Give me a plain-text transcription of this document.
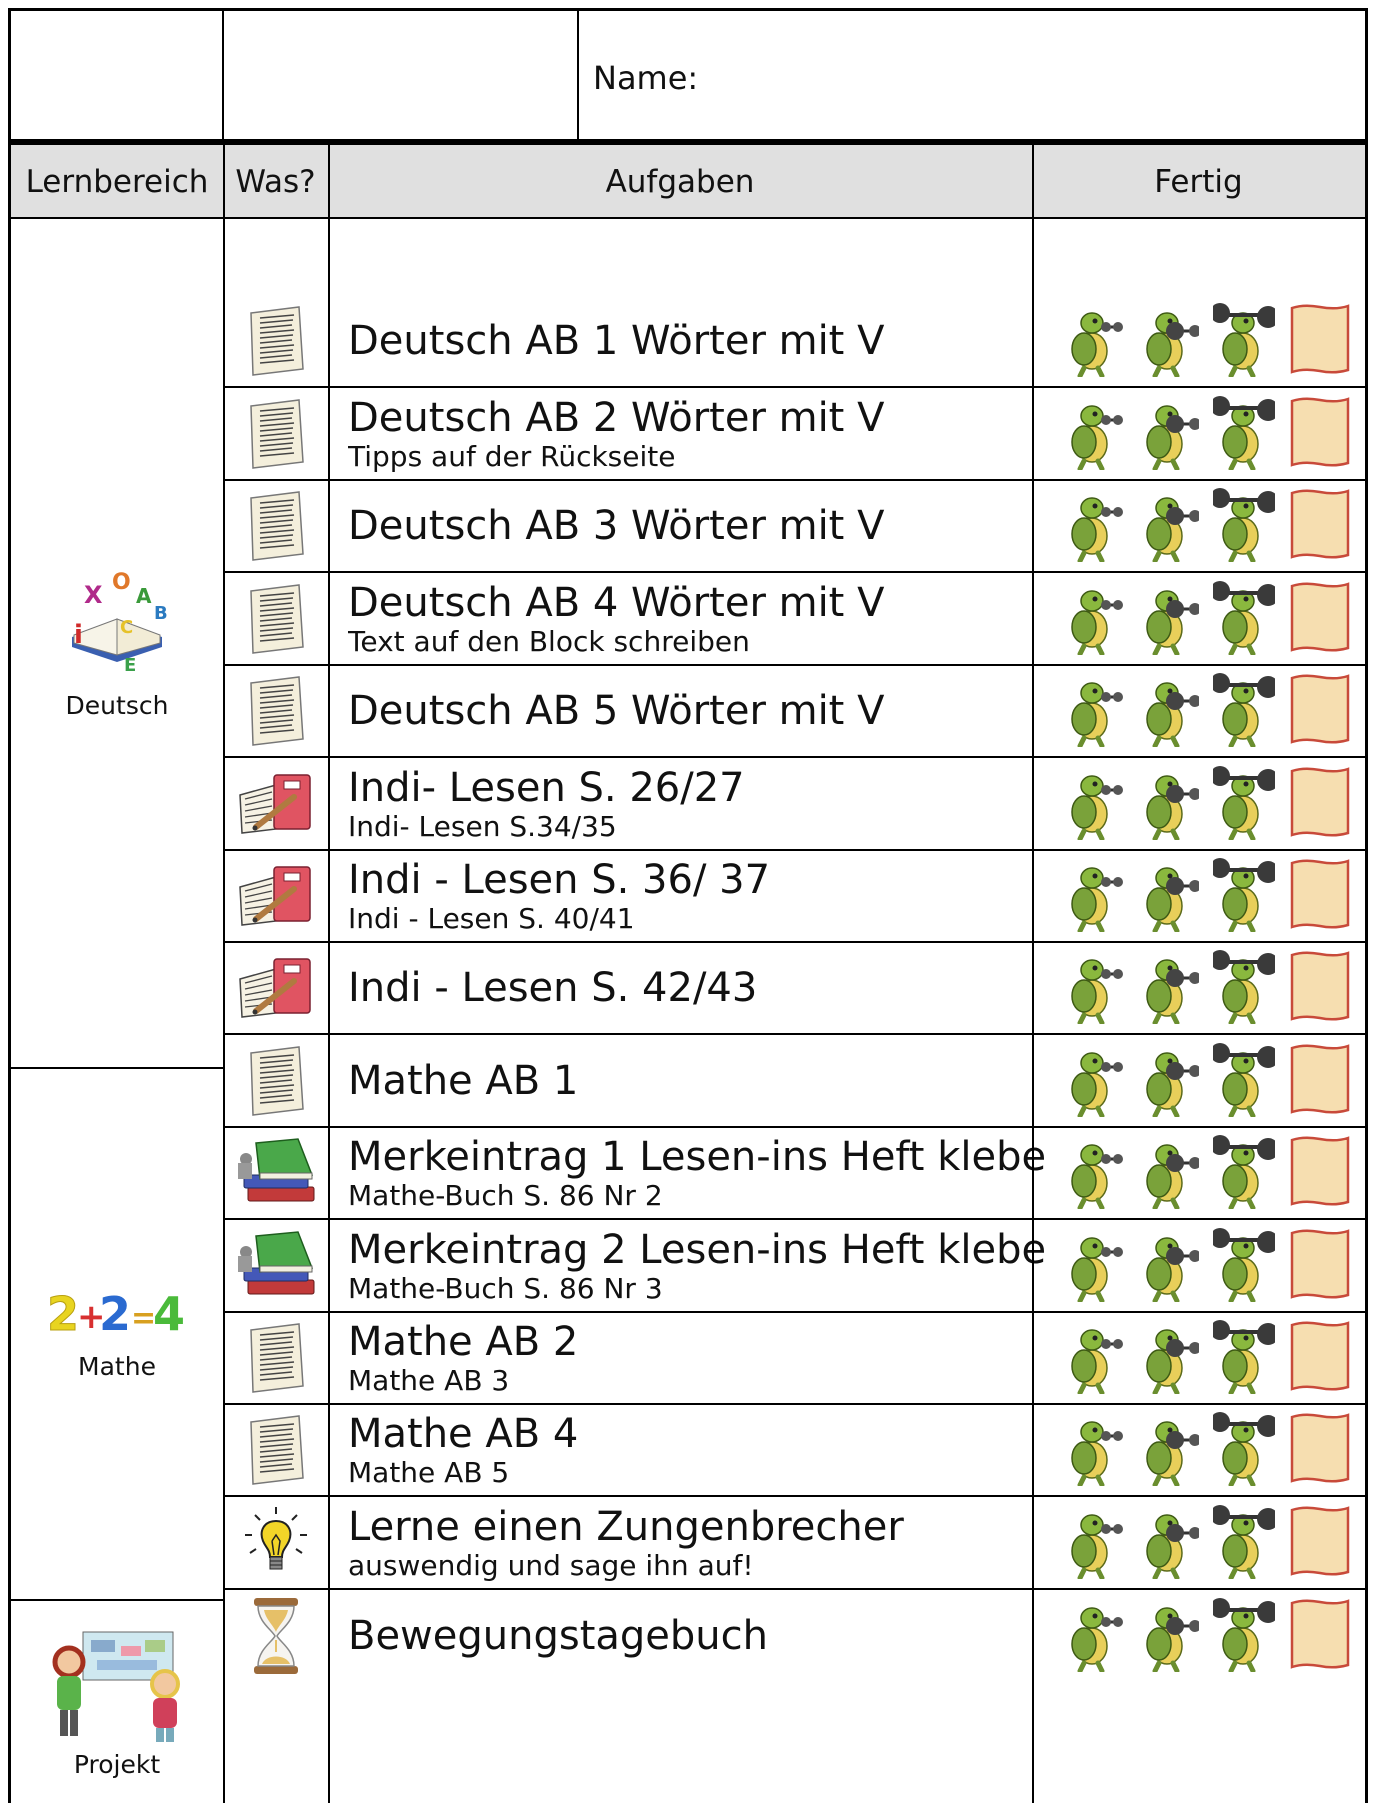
Name:
Lernbereich Was?	Aufgaben	Fertig
X O
A
B
C
i
E
Deutsch
2
+
2 =
4
Mathe
Projekt
Deutsch AB 1 Wörter mit V
Deutsch AB 2 Wörter mit V
Tipps auf der Rückseite
Deutsch AB 3 Wörter mit V
Deutsch AB 4 Wörter mit V
Text auf den Block schreiben
Deutsch AB 5 Wörter mit V
Indi- Lesen S. 26/27
Indi- Lesen S.34/35
Indi - Lesen S. 36/ 37
Indi - Lesen S. 40/41
Indi - Lesen S. 42/43
Mathe AB 1
Merkeintrag 1 Lesen-ins Heft klebe
Mathe-Buch S. 86 Nr 2
Merkeintrag 2 Lesen-ins Heft klebe
Mathe-Buch S. 86 Nr 3
Mathe AB 2
Mathe AB 3
Mathe AB 4
Mathe AB 5
Lerne einen Zungenbrecher
auswendig und sage ihn auf!
Bewegungstagebuch
